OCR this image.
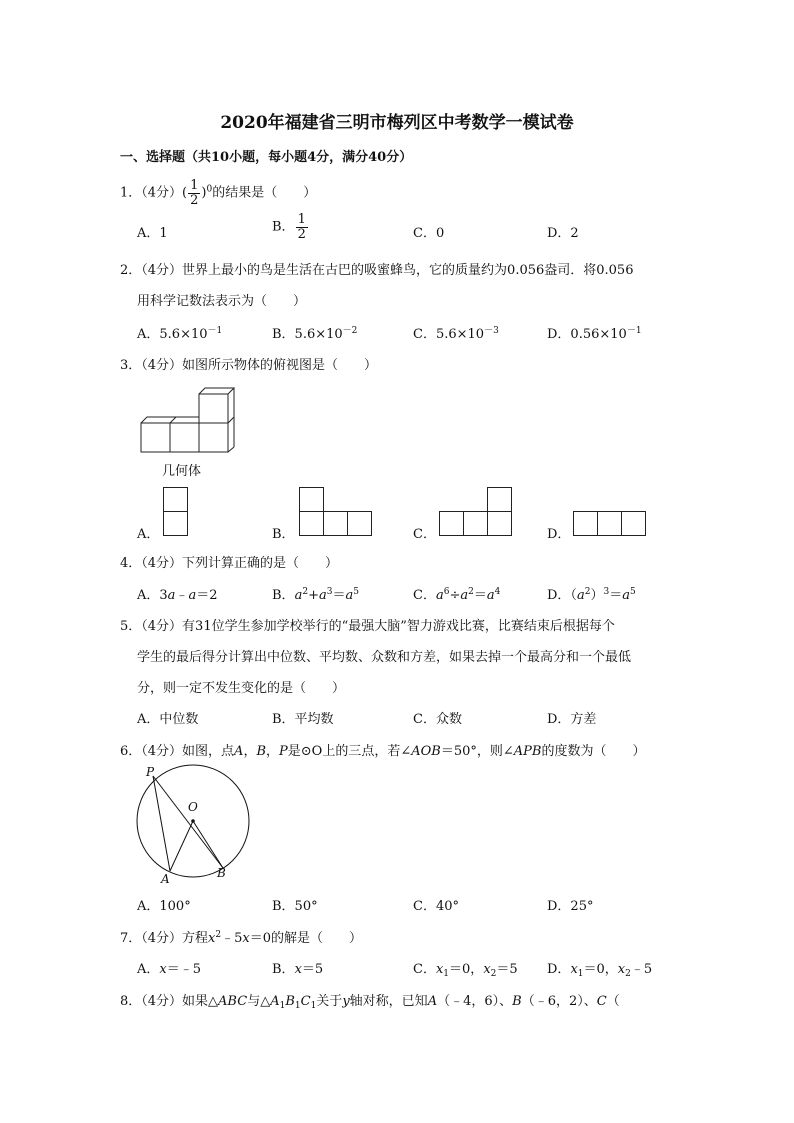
2020年福建省三明市梅列区中考数学一模试卷
一、选择题（共10小题，每小题4分，满分40分）
1．（4分）( $\frac{1}{2} )^0$的结果是（　　）
A．1	B． $\frac{1}{2}$	C．0	D．2
2．（4分）世界上最小的鸟是生活在古巴的吸蜜蜂鸟，它的质量约为0.056盎司．将0.056
用科学记数法表示为（　　）
A．$5.6\times 10^{-1}$	B．$5.6\times 10^{-2}$	C．$5.6\times 10^{-3}$	D．$0.56\times 10^{-1}$
3．（4分）如图所示物体的俯视图是（　　）
几何体
A．	B．	C．	D．
4．（4分）下列计算正确的是（　　）
A．3a﹣a＝2	B．$a^2+a^3=a^5$	C．$a^6\div a^2=a^4$	D．$(a^2)^3=a^5$
5．（4分）有31位学生参加学校举行的“最强大脑”智力游戏比赛，比赛结束后根据每个
学生的最后得分计算出中位数、平均数、众数和方差，如果去掉一个最高分和一个最低
分，则一定不发生变化的是（　　）
A．中位数	B．平均数	C．众数	D．方差
6．（4分）如图，点A，B，P是⊙O上的三点，若∠AOB＝50°，则∠APB的度数为（　　）
P
O
A	B
A．100°	B．50°	C．40°	D．25°
7．（4分）方程$x^2﹣5x=0$的解是（　　）
A．x＝﹣5	B．x＝5	C．$x_1=0$，$x_2=5$ D．$x_1=0$，$x_2﹣5$
8．（4分）如果△ABC与$\triangle A_1B_1C_1$关于y轴对称，已知A（﹣4，6）、B（﹣6，2）、C（
